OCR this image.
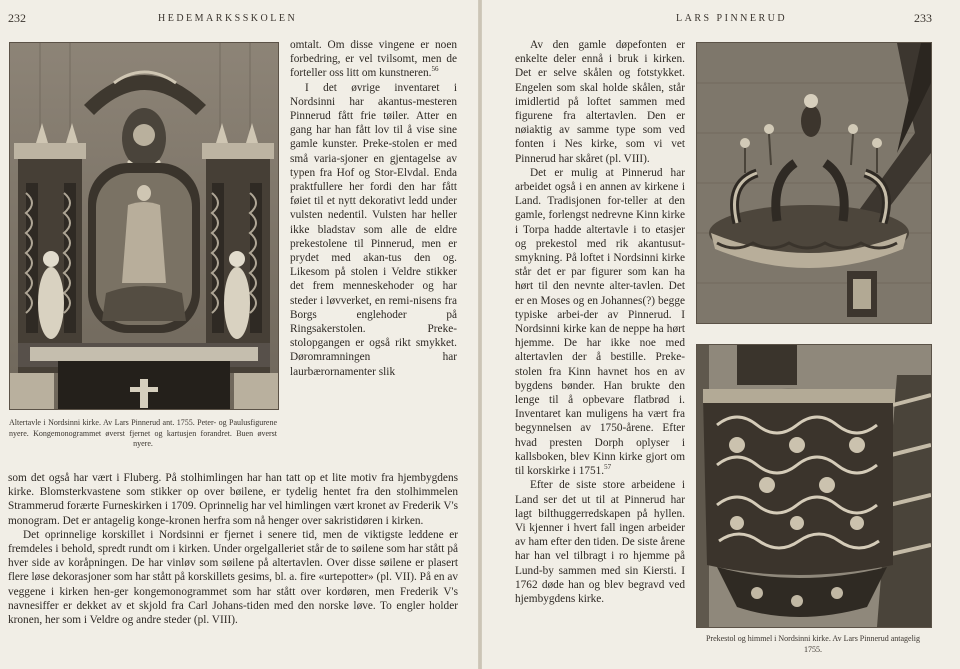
232	HEDEMARKSSKOLEN
Altertavle i Nordsinni kirke. Av Lars Pinnerud ant. 1755. Peter- og Paulusfigurene nyere. Kongemonogrammet øverst fjernet og kartusjen forandret. Buen øverst nyere.

omtalt. Om disse vingene er noen forbedring, er vel tvilsomt, men de forteller oss litt om kunstneren.$^{56}$

I det øvrige inventaret i Nordsinni har akantus-mesteren Pinnerud fått frie tøiler. Atter en gang har han fått lov til å vise sine gamle kunster. Preke-stolen er med små varia-sjoner en gjentagelse av typen fra Hof og Stor-Elvdal. Enda praktfullere her fordi den har fått føiet til et nytt dekorativt ledd under vulsten nedentil. Vulsten har heller ikke bladstav som alle de eldre prekestolene til Pinnerud, men er prydet med akan-tus den og. Likesom på stolen i Veldre stikker det frem menneskehoder og har steder i løvverket, en remi-nisens fra Borgs englehoder på Ringsakerstolen. Preke-stolopgangen er også rikt smykket. Døromramningen har laurbærornamenter slik

som det også har vært i Fluberg. På stolhimlingen har han tatt op et lite motiv fra hjembygdens kirke. Blomsterkvastene som stikker op over bøilene, er tydelig hentet fra den stolhimmelen Strammerud forærte Furneskirken i 1709. Oprinnelig har vel himlingen vært kronet av Frederik V's monogram. Det er antagelig konge-kronen herfra som nå henger over sakristidøren i kirken.

Det oprinnelige korskillet i Nordsinni er fjernet i senere tid, men de viktigste leddene er fremdeles i behold, spredt rundt om i kirken. Under orgelgalleriet står de to søilene som har stått på hver side av koråpningen. De har vinløv som søilene på altertavlen. Over disse søilene er plasert flere løse dekorasjoner som har stått på korskillets gesims, bl. a. fire «urtepotter» (pl. VII). På en av veggene i kirken hen-ger kongemonogrammet som har stått over kordøren, men Frederik V's navnesiffer er dekket av et skjold fra Carl Johans-tiden med den norske løve. To engler holder kronen, her som i Veldre og andre steder (pl. VIII).

LARS PINNERUD	233

Av den gamle døpefonten er enkelte deler ennå i bruk i kirken. Det er selve skålen og fotstykket. Engelen som skal holde skålen, står imidlertid på loftet sammen med figurene fra altertavlen. Den er nøiaktig av samme type som ved fonten i Nes kirke, som vi vet Pinnerud har skåret (pl. VIII).

Det er mulig at Pinnerud har arbeidet også i en annen av kirkene i Land. Tradisjonen for-teller at den gamle, forlengst nedrevne Kinn kirke i Torpa hadde altertavle i to etasjer og prekestol med rik akantusut-smykning. På loftet i Nordsinni kirke står det er par figurer som kan ha hørt til den nevnte alter-tavlen. Det er en Moses og en Johannes(?) begge typiske arbei-der av Pinnerud. I Nordsinni kirke kan de neppe ha hørt hjemme. De har ikke noe med altertavlen der å bestille. Preke-stolen fra Kinn havnet hos en av bygdens bønder. Han brukte den lenge til å opbevare flatbrød i. Inventaret kan muligens ha vært fra begynnelsen av 1750-årene. Efter hvad presten Dorph oplyser i kallsboken, blev Kinn kirke gjort om til korskirke i 1751.57

Efter de siste store arbeidene i Land ser det ut til at Pinnerud har lagt bilthuggerredskapen på hyllen. Vi kjenner i hvert fall ingen arbeider av ham efter den tiden. De siste årene har han vel tilbragt i ro hjemme på Lund-by sammen med sin Kiersti. I 1762 døde han og blev begravd ved hjembygdens kirke.

Prekestol og himmel i Nordsinni kirke. Av Lars Pinnerud antagelig 1755.
